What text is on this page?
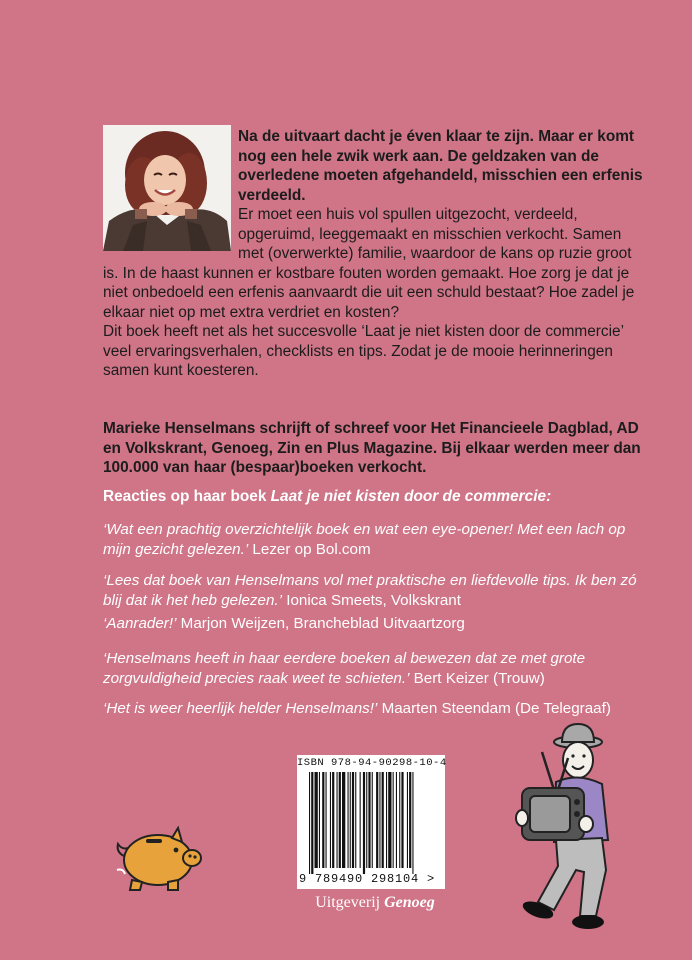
Na de uitvaart dacht je éven klaar te zijn. Maar er komt nog een hele zwik werk aan. De geldzaken van de overledene moeten afgehandeld, misschien een erfenis verdeeld.

Er moet een huis vol spullen uitgezocht, verdeeld, opgeruimd, leeggemaakt en misschien verkocht. Samen met (overwerkte) familie, waardoor de kans op ruzie groot is. In de haast kunnen er kostbare fouten worden gemaakt. Hoe zorg je dat je niet onbedoeld een erfenis aanvaardt die uit een schuld bestaat? Hoe zadel je elkaar niet op met extra verdriet en kosten?

Dit boek heeft net als het succesvolle ‘Laat je niet kisten door de commercie’ veel ervaringsverhalen, checklists en tips. Zodat je de mooie herinneringen samen kunt koesteren.

Marieke Henselmans schrijft of schreef voor Het Financieele Dagblad, AD en Volkskrant, Genoeg, Zin en Plus Magazine. Bij elkaar werden meer dan 100.000 van haar (bespaar)boeken verkocht.

Reacties op haar boek Laat je niet kisten door de commercie:

‘Wat een prachtig overzichtelijk boek en wat een eye-opener! Met een lach op mijn gezicht gelezen.’ Lezer op Bol.com

‘Lees dat boek van Henselmans vol met praktische en liefdevolle tips. Ik ben zó blij dat ik het heb gelezen.’ Ionica Smeets, Volkskrant

‘Aanrader!’ Marjon Weijzen, Brancheblad Uitvaartzorg

‘Henselmans heeft in haar eerdere boeken al bewezen dat ze met grote zorgvuldigheid precies raak weet te schieten.’ Bert Keizer (Trouw)

‘Het is weer heerlijk helder Henselmans!’ Maarten Steendam (De Telegraaf)

ISBN 978-94-90298-10-4
9 789490 298104 >
Uitgeverij Genoeg
